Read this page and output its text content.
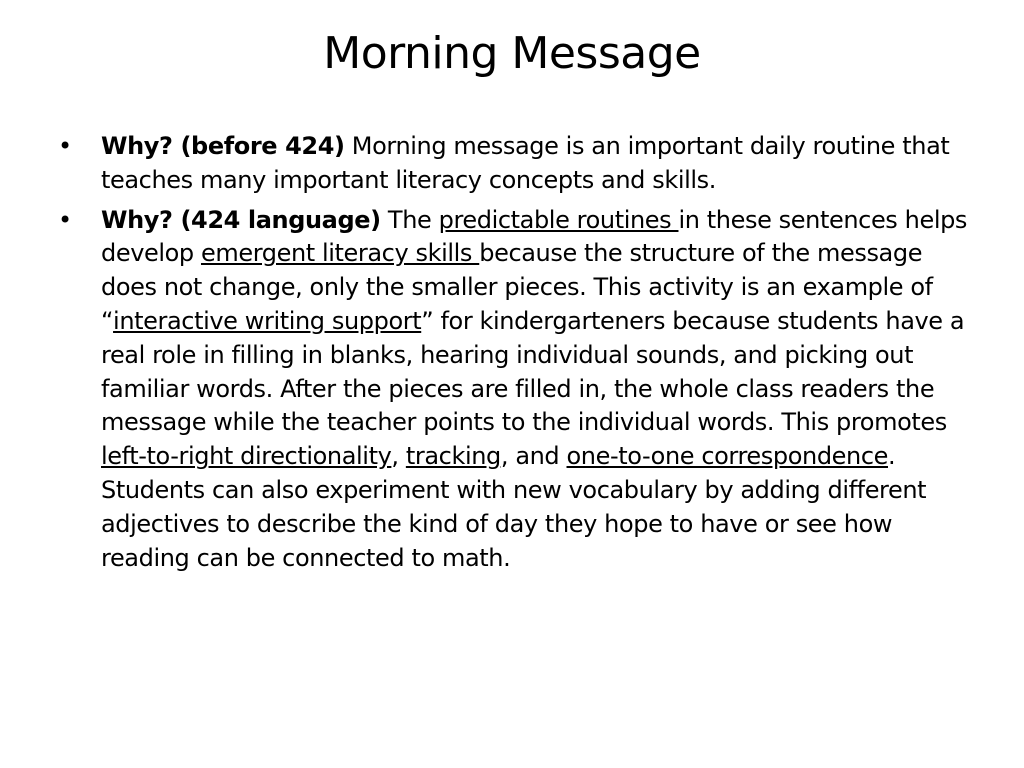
Morning Message
• Why? (before 424) Morning message is an important daily routine that teaches many important literacy concepts and skills.
• Why? (424 language) The predictable routines in these sentences helps develop emergent literacy skills because the structure of the message does not change, only the smaller pieces. This activity is an example of “interactive writing support” for kindergarteners because students have a real role in filling in blanks, hearing individual sounds, and picking out familiar words. After the pieces are filled in, the whole class readers the message while the teacher points to the individual words. This promotes left-to-right directionality, tracking, and one-to-one correspondence. Students can also experiment with new vocabulary by adding different adjectives to describe the kind of day they hope to have or see how reading can be connected to math.
